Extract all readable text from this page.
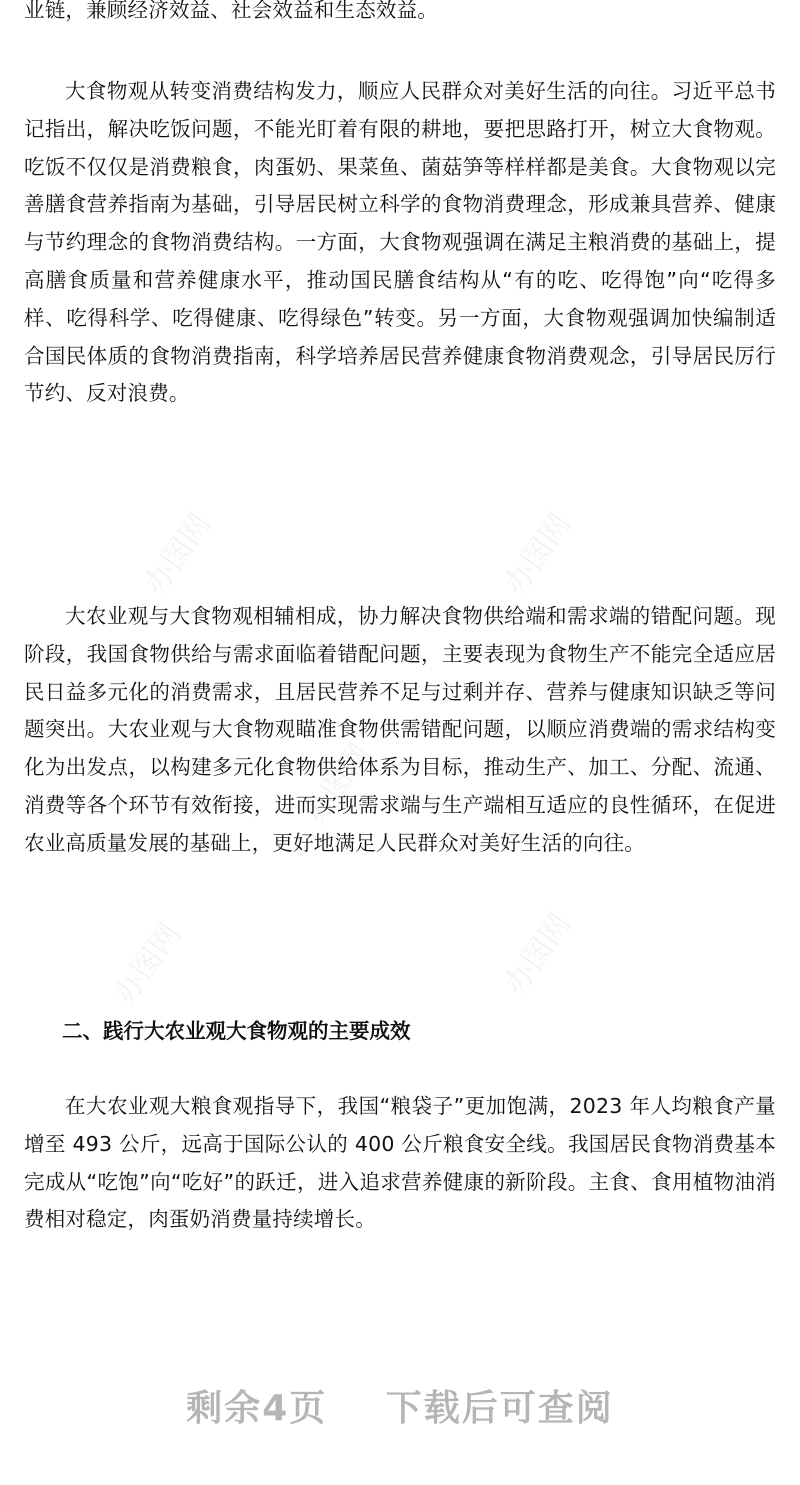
办图网	办图网
办图网
办图网
办图网

业链，兼顾经济效益、社会效益和生态效益。

大食物观从转变消费结构发力，顺应人民群众对美好生活的向往。习近平总书记指出，解决吃饭问题，不能光盯着有限的耕地，要把思路打开，树立大食物观。吃饭不仅仅是消费粮食，肉蛋奶、果菜鱼、菌菇笋等样样都是美食。大食物观以完善膳食营养指南为基础，引导居民树立科学的食物消费理念，形成兼具营养、健康与节约理念的食物消费结构。一方面，大食物观强调在满足主粮消费的基础上，提高膳食质量和营养健康水平，推动国民膳食结构从“有的吃、吃得饱”向“吃得多样、吃得科学、吃得健康、吃得绿色”转变。另一方面，大食物观强调加快编制适合国民体质的食物消费指南，科学培养居民营养健康食物消费观念，引导居民厉行节约、反对浪费。

大农业观与大食物观相辅相成，协力解决食物供给端和需求端的错配问题。现阶段，我国食物供给与需求面临着错配问题，主要表现为食物生产不能完全适应居民日益多元化的消费需求，且居民营养不足与过剩并存、营养与健康知识缺乏等问题突出。大农业观与大食物观瞄准食物供需错配问题，以顺应消费端的需求结构变化为出发点，以构建多元化食物供给体系为目标，推动生产、加工、分配、流通、消费等各个环节有效衔接，进而实现需求端与生产端相互适应的良性循环，在促进农业高质量发展的基础上，更好地满足人民群众对美好生活的向往。

二、践行大农业观大食物观的主要成效

在大农业观大粮食观指导下，我国“粮袋子”更加饱满，2023 年人均粮食产量增至 493 公斤，远高于国际公认的 400 公斤粮食安全线。我国居民食物消费基本完成从“吃饱”向“吃好”的跃迁，进入追求营养健康的新阶段。主食、食用植物油消费相对稳定，肉蛋奶消费量持续增长。

剩余4页 下载后可查阅
